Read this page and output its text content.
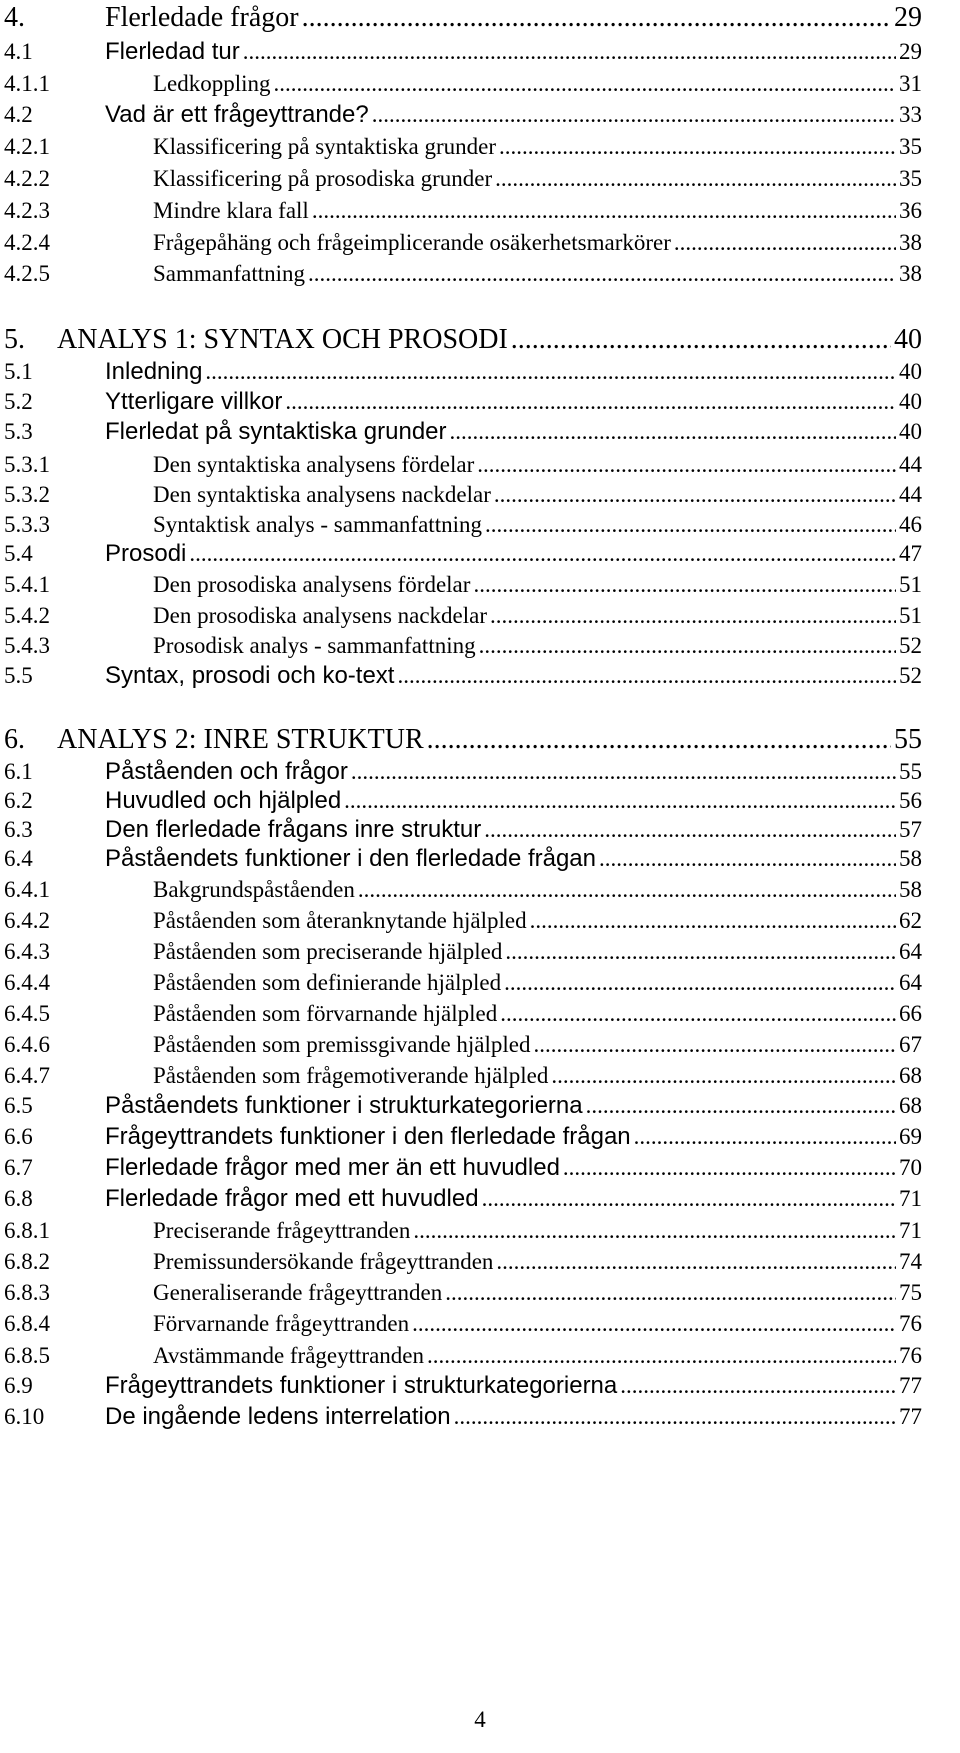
4.	Flerledade frågor .....	29
4.1	Flerledad tur .....	29
4.1.1	Ledkoppling .....	31
4.2	Vad är ett frågeyttrande? .....	33
4.2.1	Klassificering på syntaktiska grunder .....	35
4.2.2	Klassificering på prosodiska grunder .....	35
4.2.3	Mindre klara fall .....	36
4.2.4	Frågepåhäng och frågeimplicerande osäkerhetsmarkörer .....	38
4.2.5	Sammanfattning .....	38
5. ANALYS 1: SYNTAX OCH PROSODI .....	40
5.1	Inledning .....	40
5.2	Ytterligare villkor .....	40
5.3	Flerledat på syntaktiska grunder .....	40
5.3.1	Den syntaktiska analysens fördelar .....	44
5.3.2	Den syntaktiska analysens nackdelar .....	44
5.3.3	Syntaktisk analys - sammanfattning .....	46
5.4	Prosodi .....	47
5.4.1	Den prosodiska analysens fördelar .....	51
5.4.2	Den prosodiska analysens nackdelar .....	51
5.4.3	Prosodisk analys - sammanfattning .....	52
5.5	Syntax, prosodi och ko-text .....	52
6. ANALYS 2: INRE STRUKTUR .....	55
6.1	Påståenden och frågor .....	55
6.2	Huvudled och hjälpled .....	56
6.3	Den flerledade frågans inre struktur .....	57
6.4	Påståendets funktioner i den flerledade frågan .....	58
6.4.1	Bakgrundspåståenden .....	58
6.4.2	Påståenden som återanknytande hjälpled .....	62
6.4.3	Påståenden som preciserande hjälpled .....	64
6.4.4	Påståenden som definierande hjälpled .....	64
6.4.5	Påståenden som förvarnande hjälpled .....	66
6.4.6	Påståenden som premissgivande hjälpled .....	67
6.4.7	Påståenden som frågemotiverande hjälpled .....	68
6.5	Påståendets funktioner i strukturkategorierna .....	68
6.6	Frågeyttrandets funktioner i den flerledade frågan .....	69
6.7	Flerledade frågor med mer än ett huvudled .....	70
6.8	Flerledade frågor med ett huvudled .....	71
6.8.1	Preciserande frågeyttranden .....	71
6.8.2	Premissundersökande frågeyttranden .....	74
6.8.3	Generaliserande frågeyttranden .....	75
6.8.4	Förvarnande frågeyttranden .....	76
6.8.5	Avstämmande frågeyttranden .....	76
6.9	Frågeyttrandets funktioner i strukturkategorierna .....	77
6.10	De ingående ledens interrelation .....	77
4
